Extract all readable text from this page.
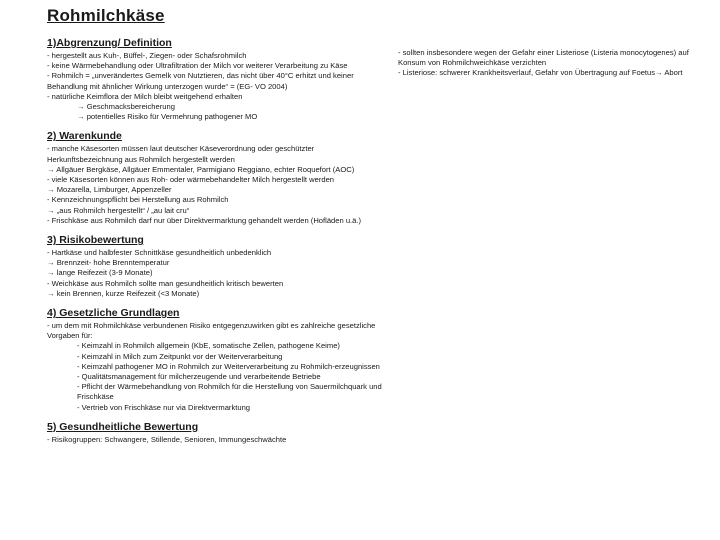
Rohmilchkäse
1)Abgrenzung/ Definition
- hergestellt aus Kuh-, Büffel-, Ziegen- oder Schafsrohmilch
- keine Wärmebehandlung oder Ultrafiltration der Milch vor weiterer Verarbeitung zu Käse
- Rohmilch = „unverändertes Gemelk von Nutztieren, das nicht über 40°C erhitzt und keiner Behandlung mit ähnlicher Wirkung unterzogen wurde“ = (EG- VO 2004)
- natürliche Keimflora der Milch bleibt weitgehend erhalten
→ Geschmacksbereicherung
→ potentielles Risiko für Vermehrung pathogener MO
2) Warenkunde
- manche Käsesorten müssen laut deutscher Käseverordnung oder geschützter Herkunftsbezeichnung aus Rohmilch hergestellt werden
→ Allgäuer Bergkäse, Allgäuer Emmentaler, Parmigiano Reggiano, echter Roquefort (AOC)
- viele Käsesorten können aus Roh- oder wärmebehandelter Milch hergestellt werden
→ Mozarella, Limburger, Appenzeller
- Kennzeichnungspflicht bei Herstellung aus Rohmilch
→ „aus Rohmilch hergestellt“ / „au lait cru“
- Frischkäse aus Rohmilch darf nur über Direktvermarktung gehandelt werden (Hofläden u.ä.)
3) Risikobewertung
- Hartkäse und halbfester Schnittkäse gesundheitlich unbedenklich
→ Brennzeit- hohe Brenntemperatur
→ lange Reifezeit (3-9 Monate)
- Weichkäse aus Rohmilch sollte man gesundheitlich kritisch bewerten
→ kein Brennen, kurze Reifezeit (<3 Monate)
4) Gesetzliche Grundlagen
- um dem mit Rohmilchkäse verbundenen Risiko entgegenzuwirken gibt es zahlreiche gesetzliche Vorgaben für:
- Keimzahl in Rohmilch allgemein (KbE, somatische Zellen, pathogene Keime)
- Keimzahl in Milch zum Zeitpunkt vor der Weiterverarbeitung
- Keimzahl pathogener MO in Rohmilch zur Weiterverarbeitung zu Rohmilch-erzeugnissen
- Qualitätsmanagement für milcherzeugende und verarbeitende Betriebe
- Pflicht der Wärmebehandlung von Rohmilch für die Herstellung von Sauermilchquark und Frischkäse
- Vertrieb von Frischkäse nur via Direktvermarktung
5) Gesundheitliche Bewertung
- Risikogruppen: Schwangere, Stillende, Senioren, Immungeschwächte
- sollten insbesondere wegen der Gefahr einer Listeriose (Listeria monocytogenes) auf Konsum von Rohmilchweichkäse verzichten
- Listeriose: schwerer Krankheitsverlauf, Gefahr von Übertragung auf Foetus→ Abort
